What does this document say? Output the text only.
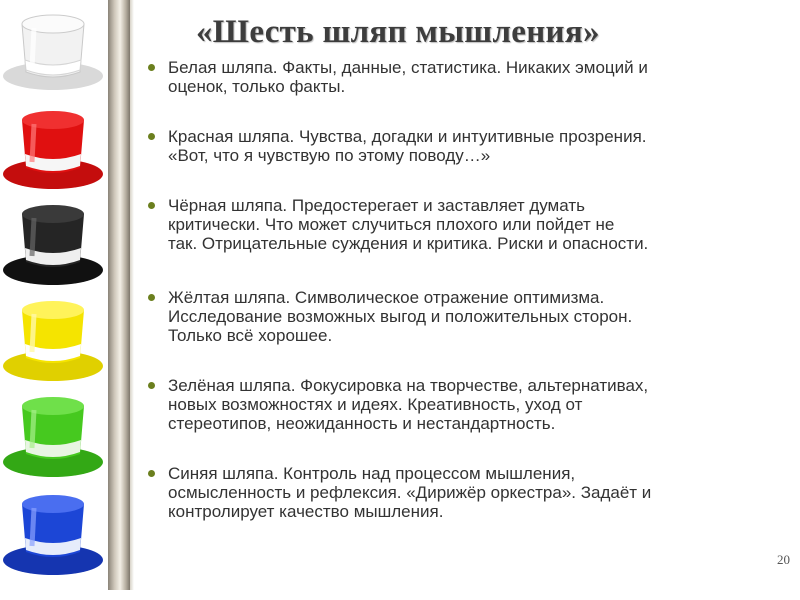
«Шесть шляп мышления»
Белая шляпа. Факты, данные, статистика. Никаких эмоций и
оценок, только факты.
Красная шляпа. Чувства, догадки и интуитивные прозрения.
«Вот, что я чувствую по этому поводу…»
Чёрная шляпа. Предостерегает и заставляет думать
критически. Что может случиться плохого или пойдет не
так. Отрицательные суждения и критика. Риски и опасности.
Жёлтая шляпа. Символическое отражение оптимизма.
Исследование возможных выгод и положительных сторон.
Только всё хорошее.
Зелёная шляпа. Фокусировка на творчестве, альтернативах,
новых возможностях и идеях. Креативность, уход от
стереотипов, неожиданность и нестандартность.
Синяя шляпа. Контроль над процессом мышления,
осмысленность и рефлексия. «Дирижёр оркестра». Задаёт и
контролирует качество мышления.
20
